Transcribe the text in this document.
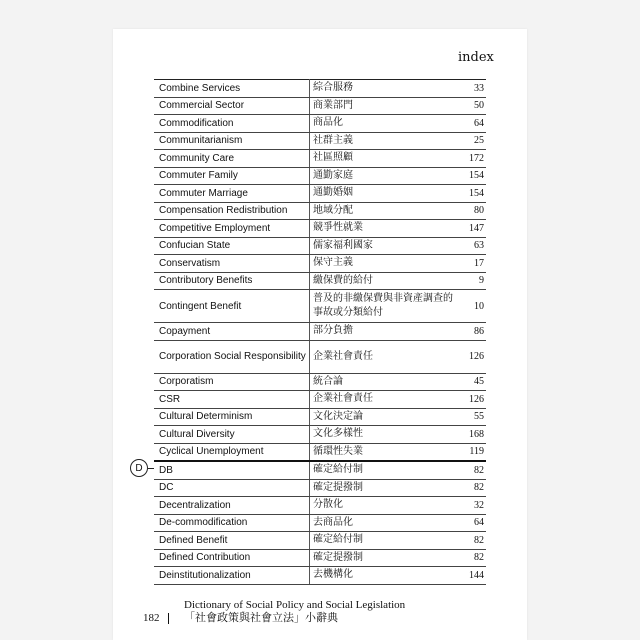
index
Combine Services	綜合服務	33
Commercial Sector	商業部門	50
Commodification	商品化	64
Communitarianism	社群主義	25
Community Care	社區照顧	172
Commuter Family	通勤家庭	154
Commuter Marriage	通勤婚姻	154
Compensation Redistribution	地域分配	80
Competitive Employment	競爭性就業	147
Confucian State	儒家福利國家	63
Conservatism	保守主義	17
Contributory Benefits	繳保費的給付	9
Contingent Benefit	普及的非繳保費與非資產調查的事故或分類給付	10
Copayment	部分負擔	86
Corporation Social Responsibility	企業社會責任	126
Corporatism	統合論	45
CSR	企業社會責任	126
Cultural Determinism	文化決定論	55
Cultural Diversity	文化多樣性	168
Cyclical Unemployment	循環性失業	119
DB	確定給付制	82
DC	確定提撥制	82
Decentralization	分散化	32
De-commodification	去商品化	64
Defined Benefit	確定給付制	82
Defined Contribution	確定提撥制	82
Deinstitutionalization	去機構化	144
D
Dictionary of Social Policy and Social Legislation
「社會政策與社會立法」小辭典
182
